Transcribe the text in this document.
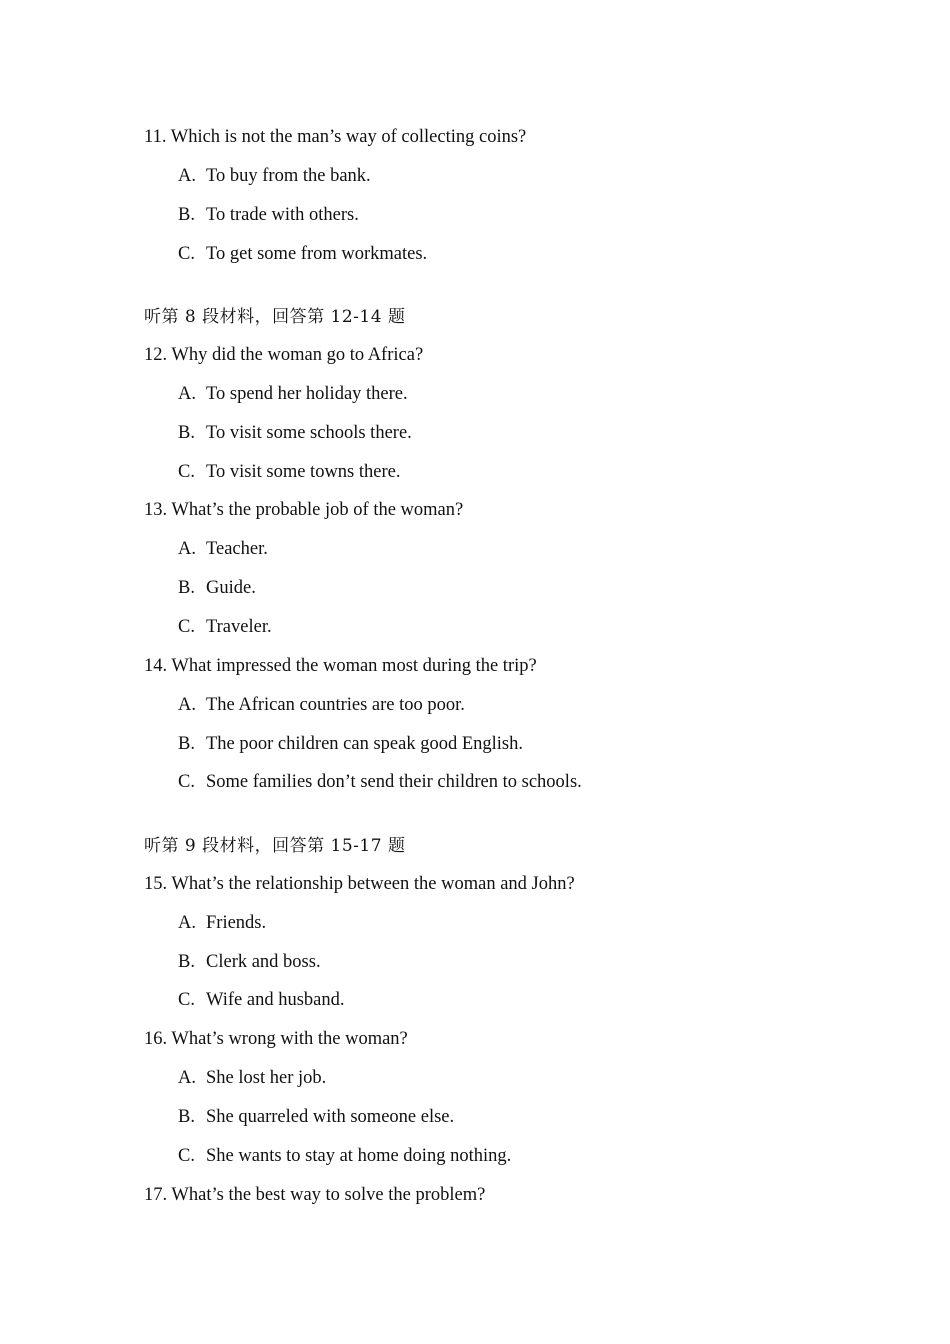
11. Which is not the man’s way of collecting coins?
A. To buy from the bank.
B. To trade with others.
C. To get some from workmates.
听第 8 段材料，回答第 12-14 题
12. Why did the woman go to Africa?
A. To spend her holiday there.
B. To visit some schools there.
C. To visit some towns there.
13. What’s the probable job of the woman?
A. Teacher.
B. Guide.
C. Traveler.
14. What impressed the woman most during the trip?
A. The African countries are too poor.
B. The poor children can speak good English.
C. Some families don’t send their children to schools.
听第 9 段材料，回答第 15-17 题
15. What’s the relationship between the woman and John?
A. Friends.
B. Clerk and boss.
C. Wife and husband.
16. What’s wrong with the woman?
A. She lost her job.
B. She quarreled with someone else.
C. She wants to stay at home doing nothing.
17. What’s the best way to solve the problem?
